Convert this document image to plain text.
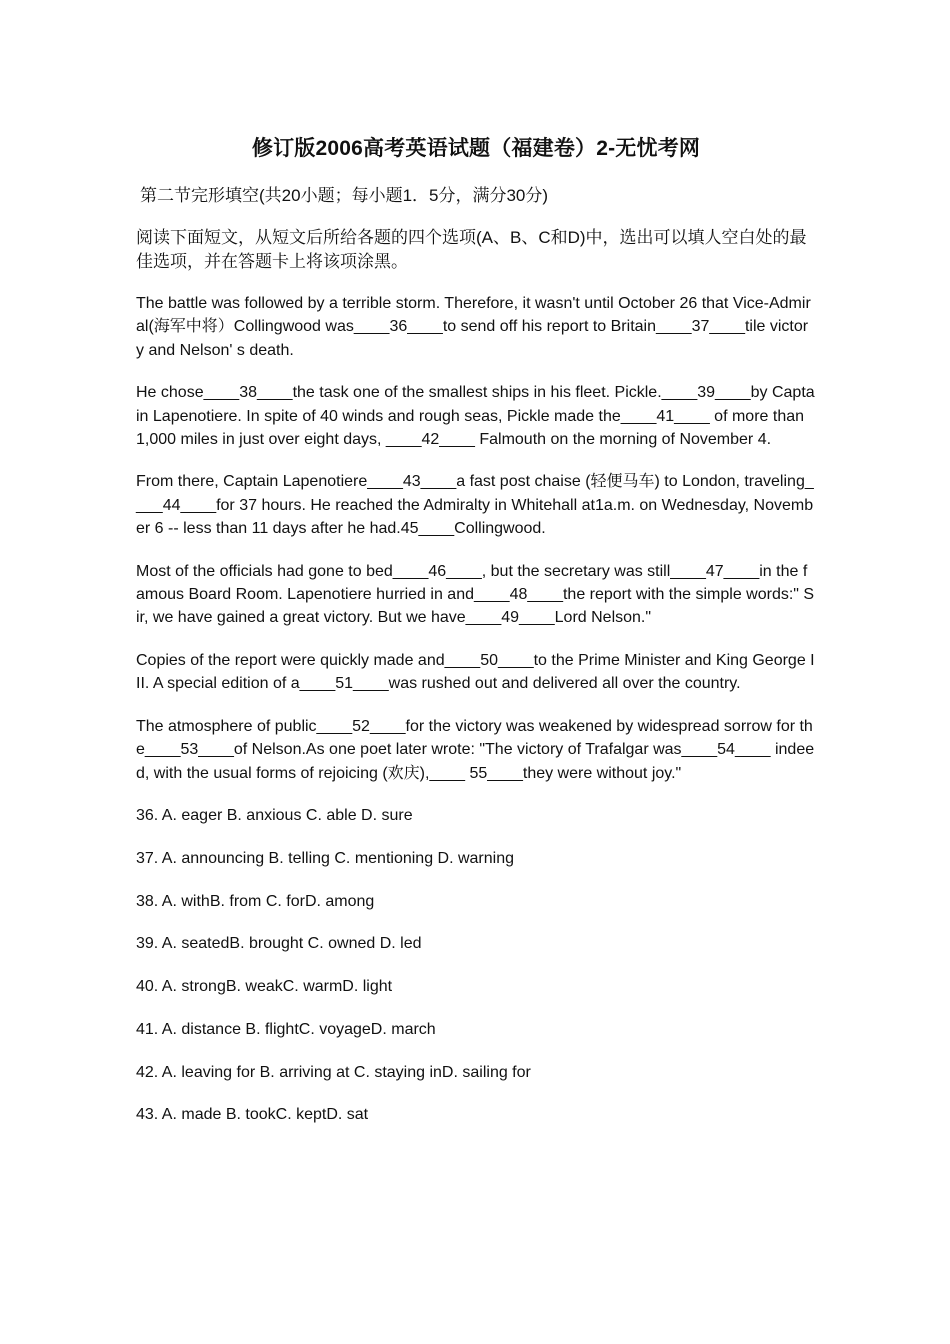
修订版2006高考英语试题（福建卷）2-无忧考网
第二节完形填空(共20小题；每小题1．5分，满分30分)
阅读下面短文，从短文后所给各题的四个选项(A、B、C和D)中，选出可以填人空白处的最佳选项，并在答题卡上将该项涂黑。

The battle was followed by a terrible storm. Therefore, it wasn't until October 26 that Vice-Admiral(海军中将）Collingwood was____36____to send off his report to Britain____37____tile victory and Nelson' s death.

He chose____38____the task one of the smallest ships in his fleet. Pickle.____39____by Captain Lapenotiere. In spite of 40 winds and rough seas, Pickle made the____41____ of more than 1,000 miles in just over eight days, ____42____ Falmouth on the morning of November 4.

From there, Captain Lapenotiere____43____a fast post chaise (轻便马车) to London, traveling____44____for 37 hours. He reached the Admiralty in Whitehall at1a.m. on Wednesday, November 6 -- less than 11 days after he had.45____Collingwood.

Most of the officials had gone to bed____46____, but the secretary was still____47____in the famous Board Room. Lapenotiere hurried in and____48____the report with the simple words:" Sir, we have gained a great victory. But we have____49____Lord Nelson."

Copies of the report were quickly made and____50____to the Prime Minister and King George III. A special edition of a____51____was rushed out and delivered all over the country.

The atmosphere of public____52____for the victory was weakened by widespread sorrow for the____53____of Nelson.As one poet later wrote: "The victory of Trafalgar was____54____ indeed, with the usual forms of rejoicing (欢庆),____ 55____they were without joy."

36. A. eager B. anxious C. able D. sure

37. A. announcing B. telling C. mentioning D. warning

38. A. withB. from C. forD. among

39. A. seatedB. brought C. owned D. led

40. A. strongB. weakC. warmD. light

41. A. distance B. flightC. voyageD. march

42. A. leaving for B. arriving at C. staying inD. sailing for

43. A. made B. tookC. keptD. sat
